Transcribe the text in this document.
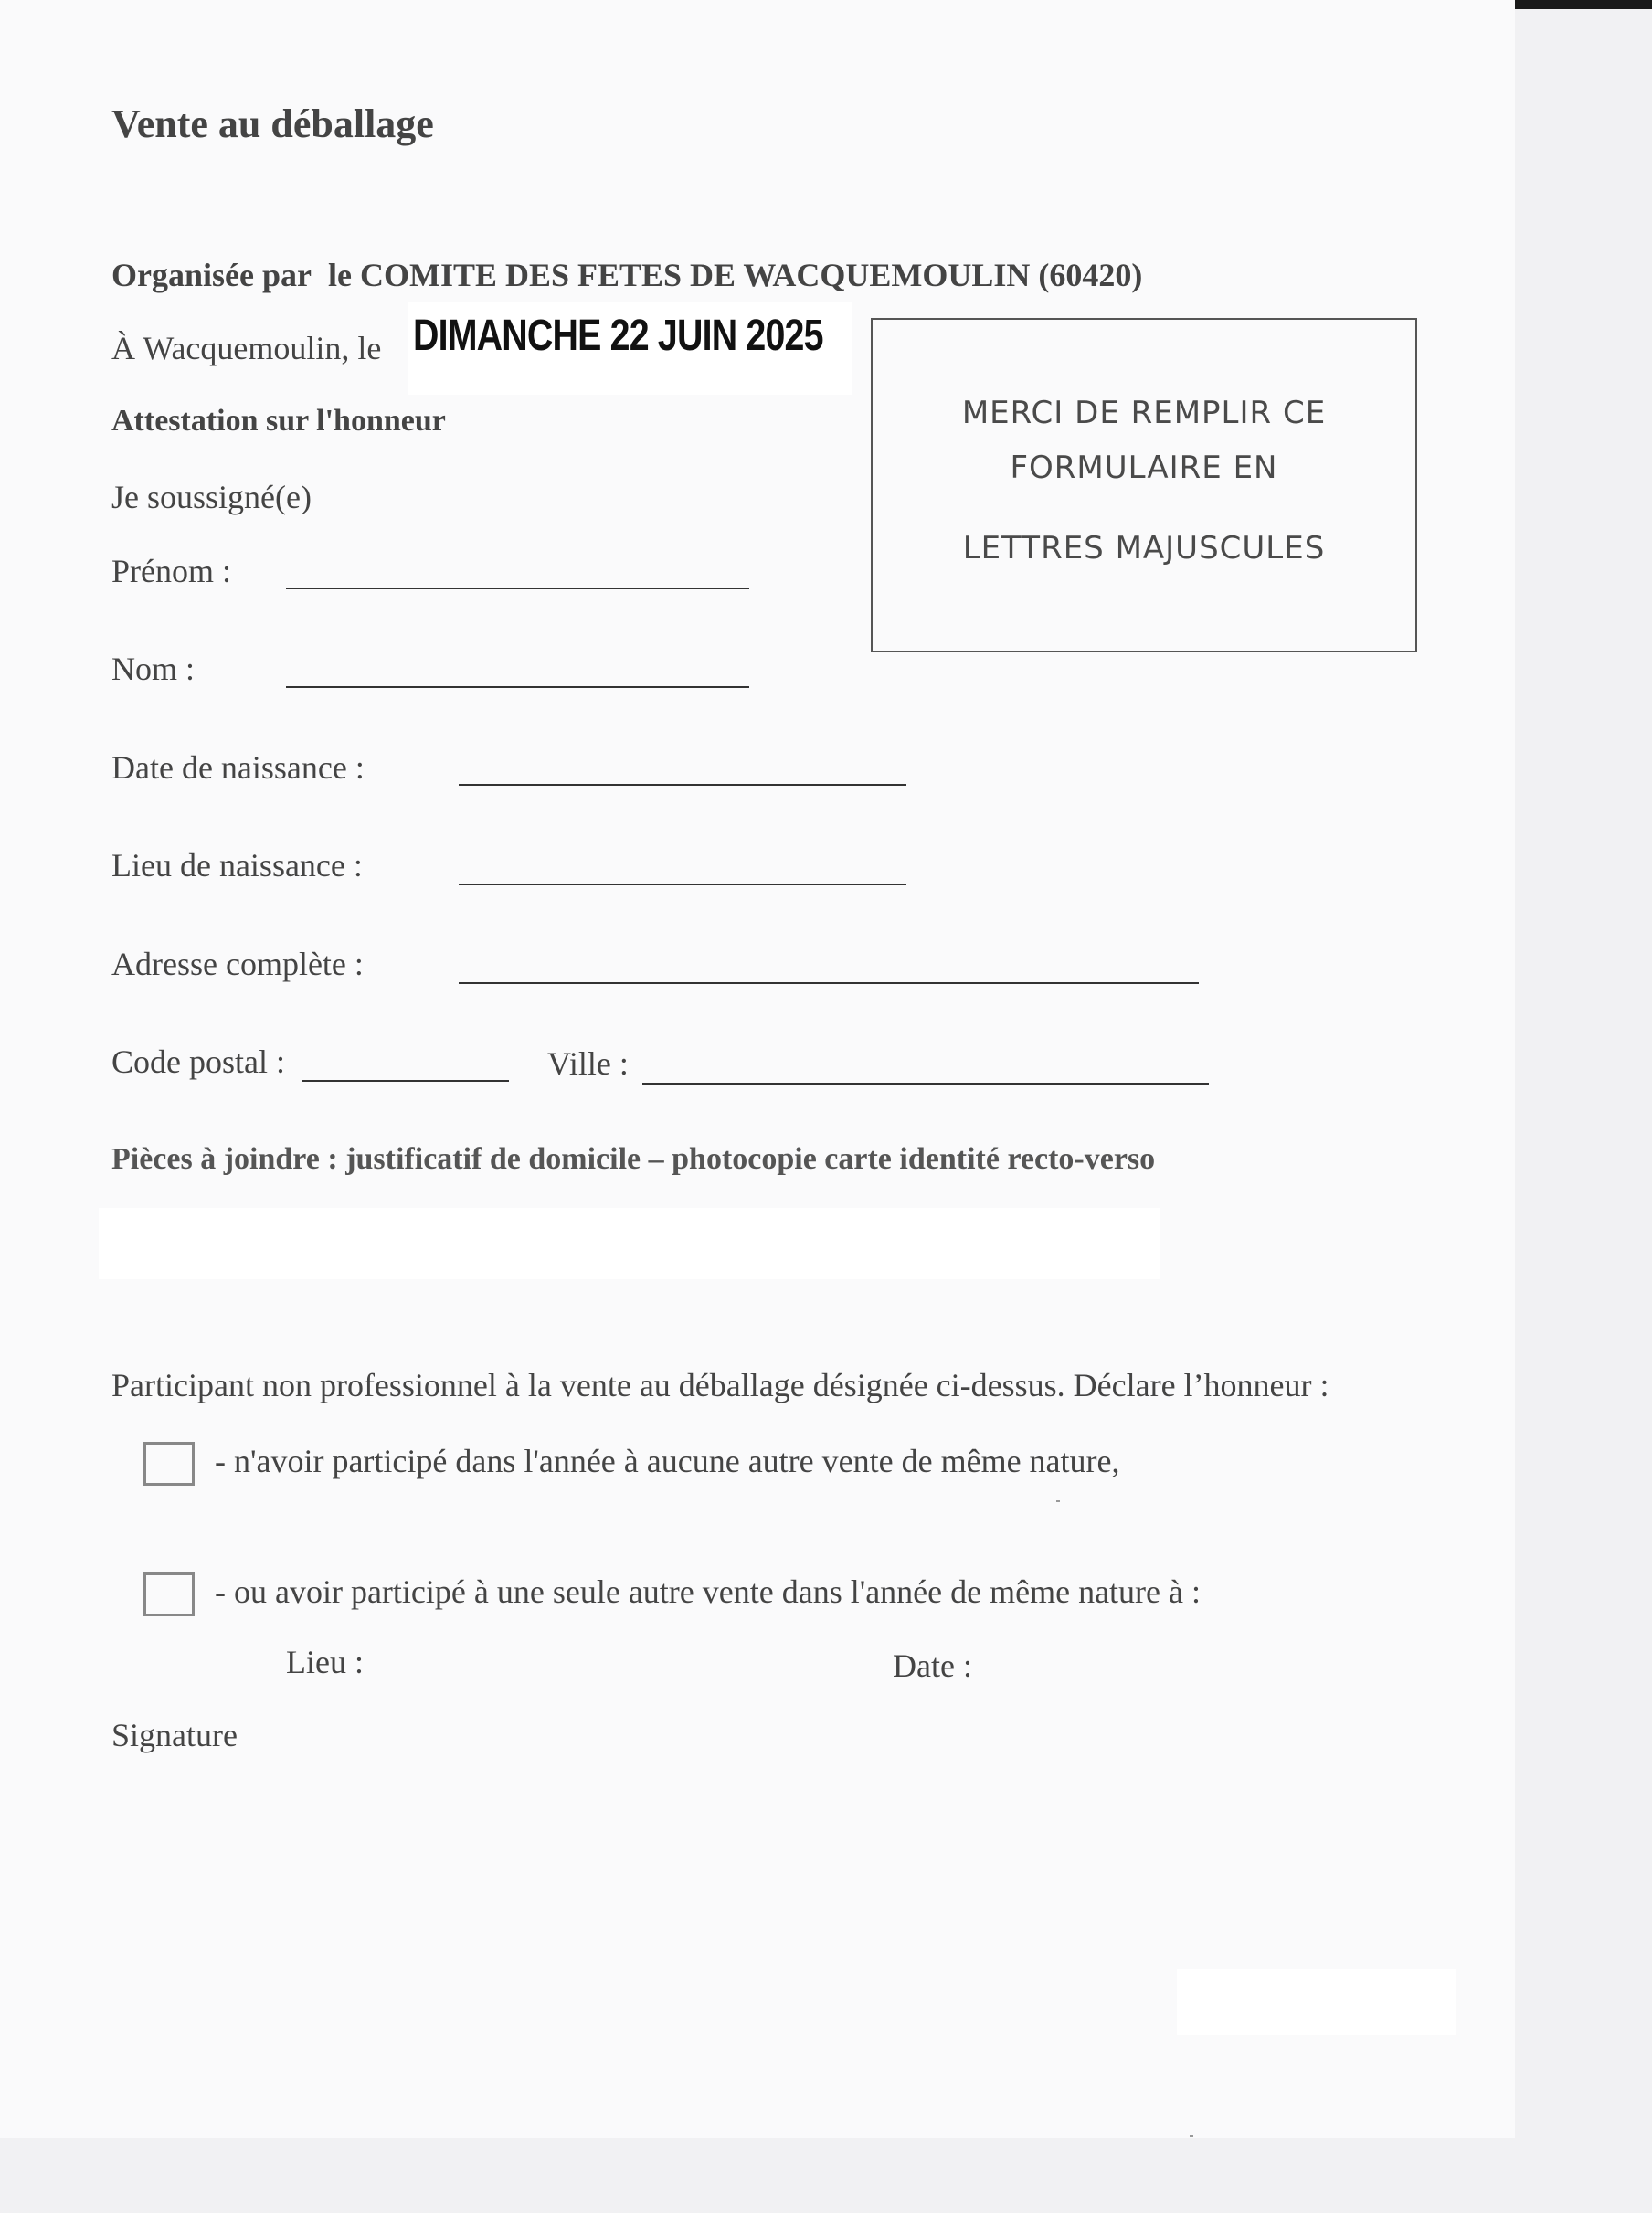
Vente au déballage
Organisée par le COMITE DES FETES DE WACQUEMOULIN (60420)
À Wacquemoulin, le DIMANCHE 22 JUIN 2025
Attestation sur l'honneur
Je soussigné(e)
MERCI DE REMPLIR CE
FORMULAIRE EN
LETTRES MAJUSCULES
Prénom :
Nom :
Date de naissance :
Lieu de naissance :
Adresse complète :
Code postal :	Ville :
Pièces à joindre : justificatif de domicile – photocopie carte identité recto-verso
Participant non professionnel à la vente au déballage désignée ci-dessus. Déclare l’honneur :
- n'avoir participé dans l'année à aucune autre vente de même nature,
- ou avoir participé à une seule autre vente dans l'année de même nature à :
Lieu :	Date :
Signature
